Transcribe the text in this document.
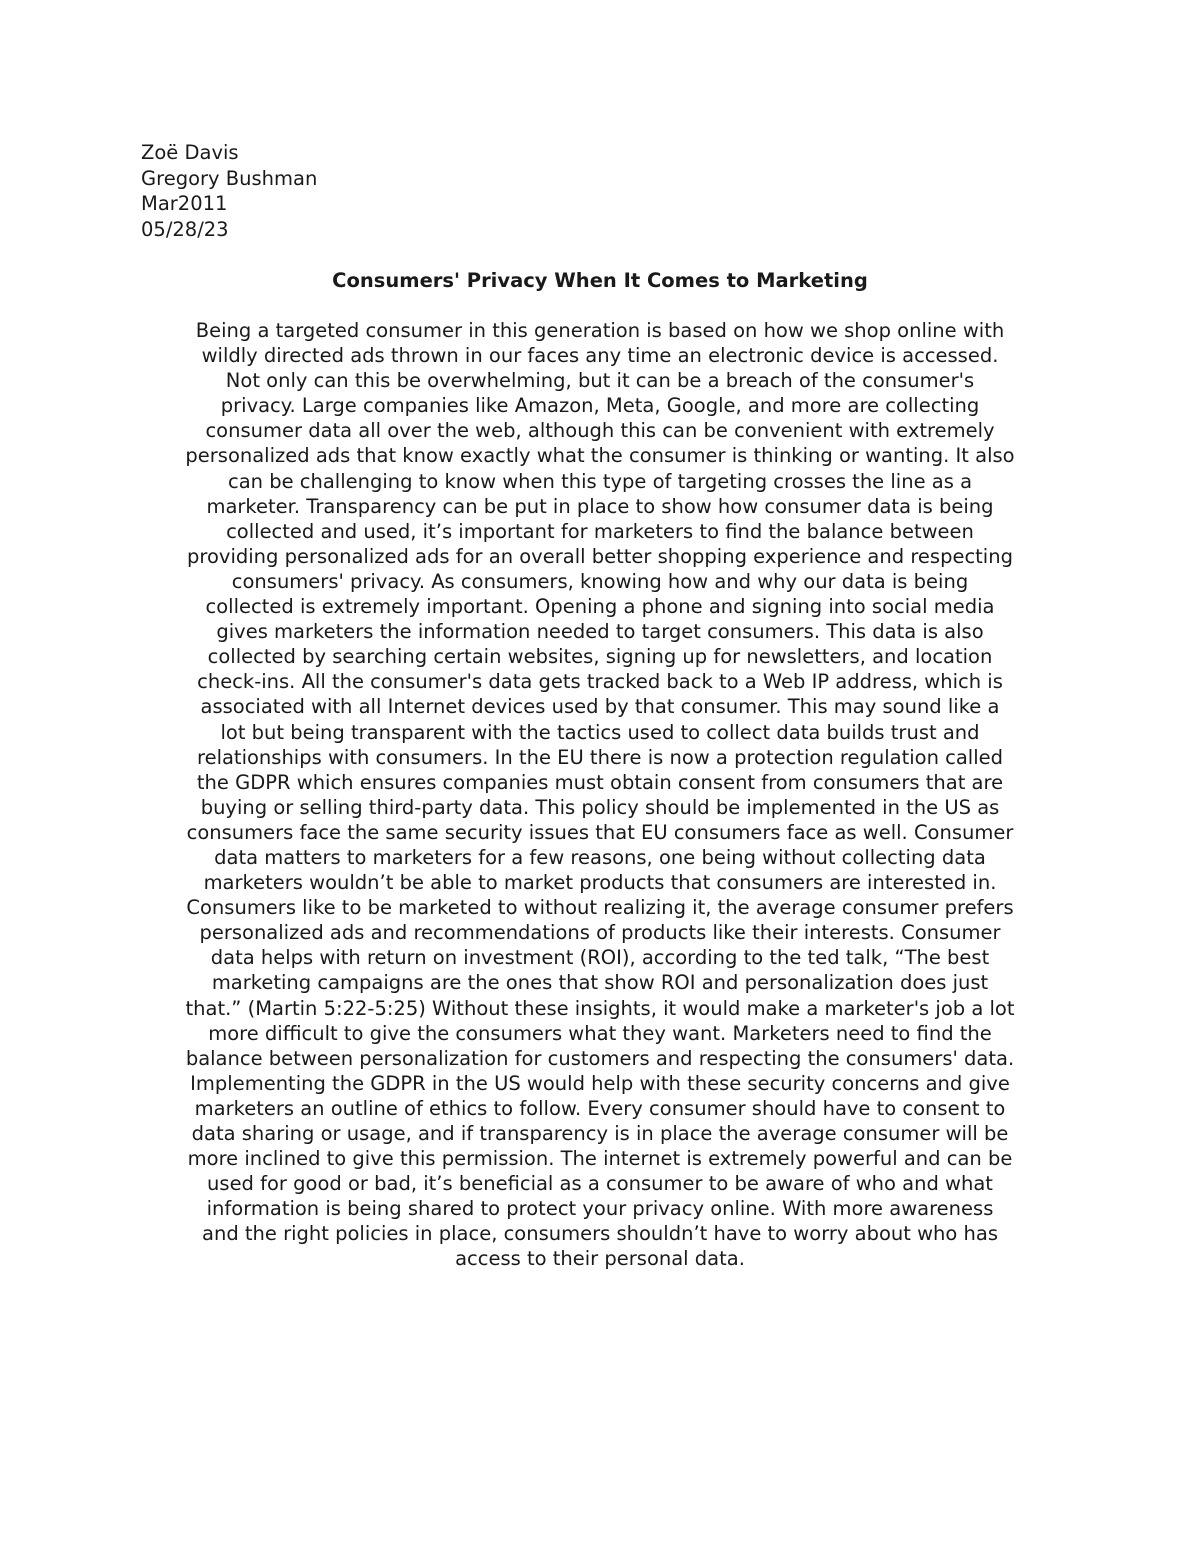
Zoë Davis
Gregory Bushman
Mar2011
05/28/23
Consumers' Privacy When It Comes to Marketing
Being a targeted consumer in this generation is based on how we shop online with
wildly directed ads thrown in our faces any time an electronic device is accessed.
Not only can this be overwhelming, but it can be a breach of the consumer's
privacy. Large companies like Amazon, Meta, Google, and more are collecting
consumer data all over the web, although this can be convenient with extremely
personalized ads that know exactly what the consumer is thinking or wanting. It also
can be challenging to know when this type of targeting crosses the line as a
marketer. Transparency can be put in place to show how consumer data is being
collected and used, it’s important for marketers to find the balance between
providing personalized ads for an overall better shopping experience and respecting
consumers' privacy. As consumers, knowing how and why our data is being
collected is extremely important. Opening a phone and signing into social media
gives marketers the information needed to target consumers. This data is also
collected by searching certain websites, signing up for newsletters, and location
check-ins. All the consumer's data gets tracked back to a Web IP address, which is
associated with all Internet devices used by that consumer. This may sound like a
lot but being transparent with the tactics used to collect data builds trust and
relationships with consumers. In the EU there is now a protection regulation called
the GDPR which ensures companies must obtain consent from consumers that are
buying or selling third-party data. This policy should be implemented in the US as
consumers face the same security issues that EU consumers face as well. Consumer
data matters to marketers for a few reasons, one being without collecting data
marketers wouldn’t be able to market products that consumers are interested in.
Consumers like to be marketed to without realizing it, the average consumer prefers
personalized ads and recommendations of products like their interests. Consumer
data helps with return on investment (ROI), according to the ted talk, “The best
marketing campaigns are the ones that show ROI and personalization does just
that.” (Martin 5:22-5:25) Without these insights, it would make a marketer's job a lot
more difficult to give the consumers what they want. Marketers need to find the
balance between personalization for customers and respecting the consumers' data.
Implementing the GDPR in the US would help with these security concerns and give
marketers an outline of ethics to follow. Every consumer should have to consent to
data sharing or usage, and if transparency is in place the average consumer will be
more inclined to give this permission. The internet is extremely powerful and can be
used for good or bad, it’s beneficial as a consumer to be aware of who and what
information is being shared to protect your privacy online. With more awareness
and the right policies in place, consumers shouldn’t have to worry about who has
access to their personal data.
